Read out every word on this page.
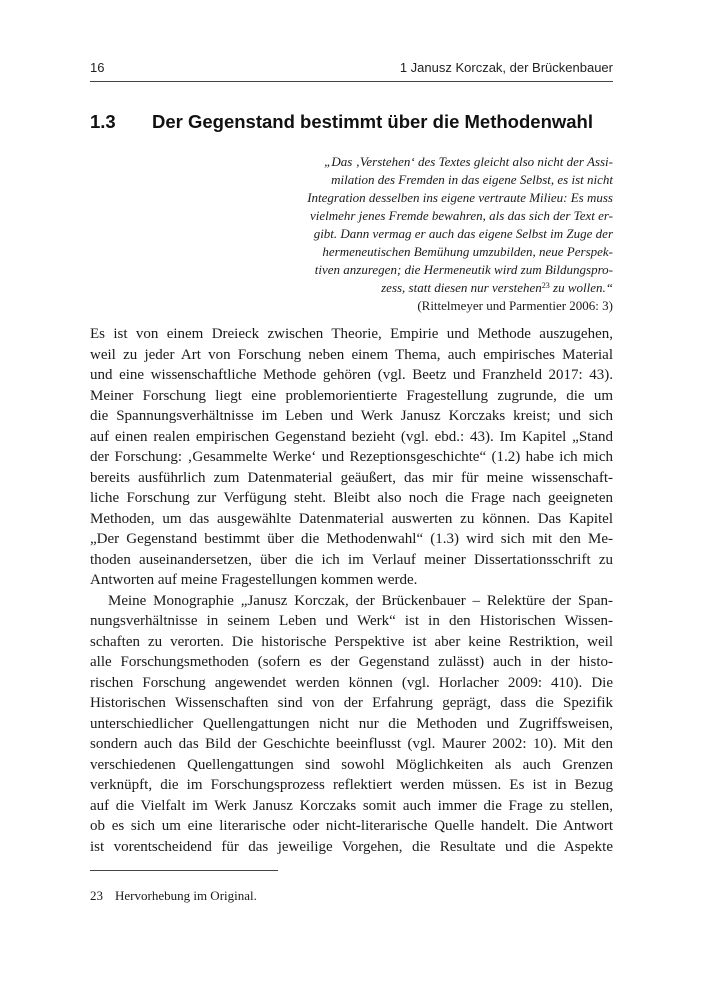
16	1 Janusz Korczak, der Brückenbauer
1.3 Der Gegenstand bestimmt über die Methodenwahl
„Das ‚Verstehen‘ des Textes gleicht also nicht der Assi-
milation des Fremden in das eigene Selbst, es ist nicht
Integration desselben ins eigene vertraute Milieu: Es muss
vielmehr jenes Fremde bewahren, als das sich der Text er-
gibt. Dann vermag er auch das eigene Selbst im Zuge der
hermeneutischen Bemühung umzubilden, neue Perspek-
tiven anzuregen; die Hermeneutik wird zum Bildungspro-
zess, statt diesen nur verstehen$^{23}$ zu wollen.“
(Rittelmeyer und Parmentier 2006: 3)
Es ist von einem Dreieck zwischen Theorie, Empirie und Methode auszugehen,
weil zu jeder Art von Forschung neben einem Thema, auch empirisches Material
und eine wissenschaftliche Methode gehören (vgl. Beetz und Franzheld 2017: 43).
Meiner Forschung liegt eine problemorientierte Fragestellung zugrunde, die um
die Spannungsverhältnisse im Leben und Werk Janusz Korczaks kreist; und sich
auf einen realen empirischen Gegenstand bezieht (vgl. ebd.: 43). Im Kapitel „Stand
der Forschung: ‚Gesammelte Werke‘ und Rezeptionsgeschichte“ (1.2) habe ich mich
bereits ausführlich zum Datenmaterial geäußert, das mir für meine wissenschaft-
liche Forschung zur Verfügung steht. Bleibt also noch die Frage nach geeigneten
Methoden, um das ausgewählte Datenmaterial auswerten zu können. Das Kapitel
„Der Gegenstand bestimmt über die Methodenwahl“ (1.3) wird sich mit den Me-
thoden auseinandersetzen, über die ich im Verlauf meiner Dissertationsschrift zu
Antworten auf meine Fragestellungen kommen werde.
Meine Monographie „Janusz Korczak, der Brückenbauer – Relektüre der Span-
nungsverhältnisse in seinem Leben und Werk“ ist in den Historischen Wissen-
schaften zu verorten. Die historische Perspektive ist aber keine Restriktion, weil
alle Forschungsmethoden (sofern es der Gegenstand zulässt) auch in der histo-
rischen Forschung angewendet werden können (vgl. Horlacher 2009: 410). Die
Historischen Wissenschaften sind von der Erfahrung geprägt, dass die Spezifik
unterschiedlicher Quellengattungen nicht nur die Methoden und Zugriffsweisen,
sondern auch das Bild der Geschichte beeinflusst (vgl. Maurer 2002: 10). Mit den
verschiedenen Quellengattungen sind sowohl Möglichkeiten als auch Grenzen
verknüpft, die im Forschungsprozess reflektiert werden müssen. Es ist in Bezug
auf die Vielfalt im Werk Janusz Korczaks somit auch immer die Frage zu stellen,
ob es sich um eine literarische oder nicht-literarische Quelle handelt. Die Antwort
ist vorentscheidend für das jeweilige Vorgehen, die Resultate und die Aspekte
23 Hervorhebung im Original.
